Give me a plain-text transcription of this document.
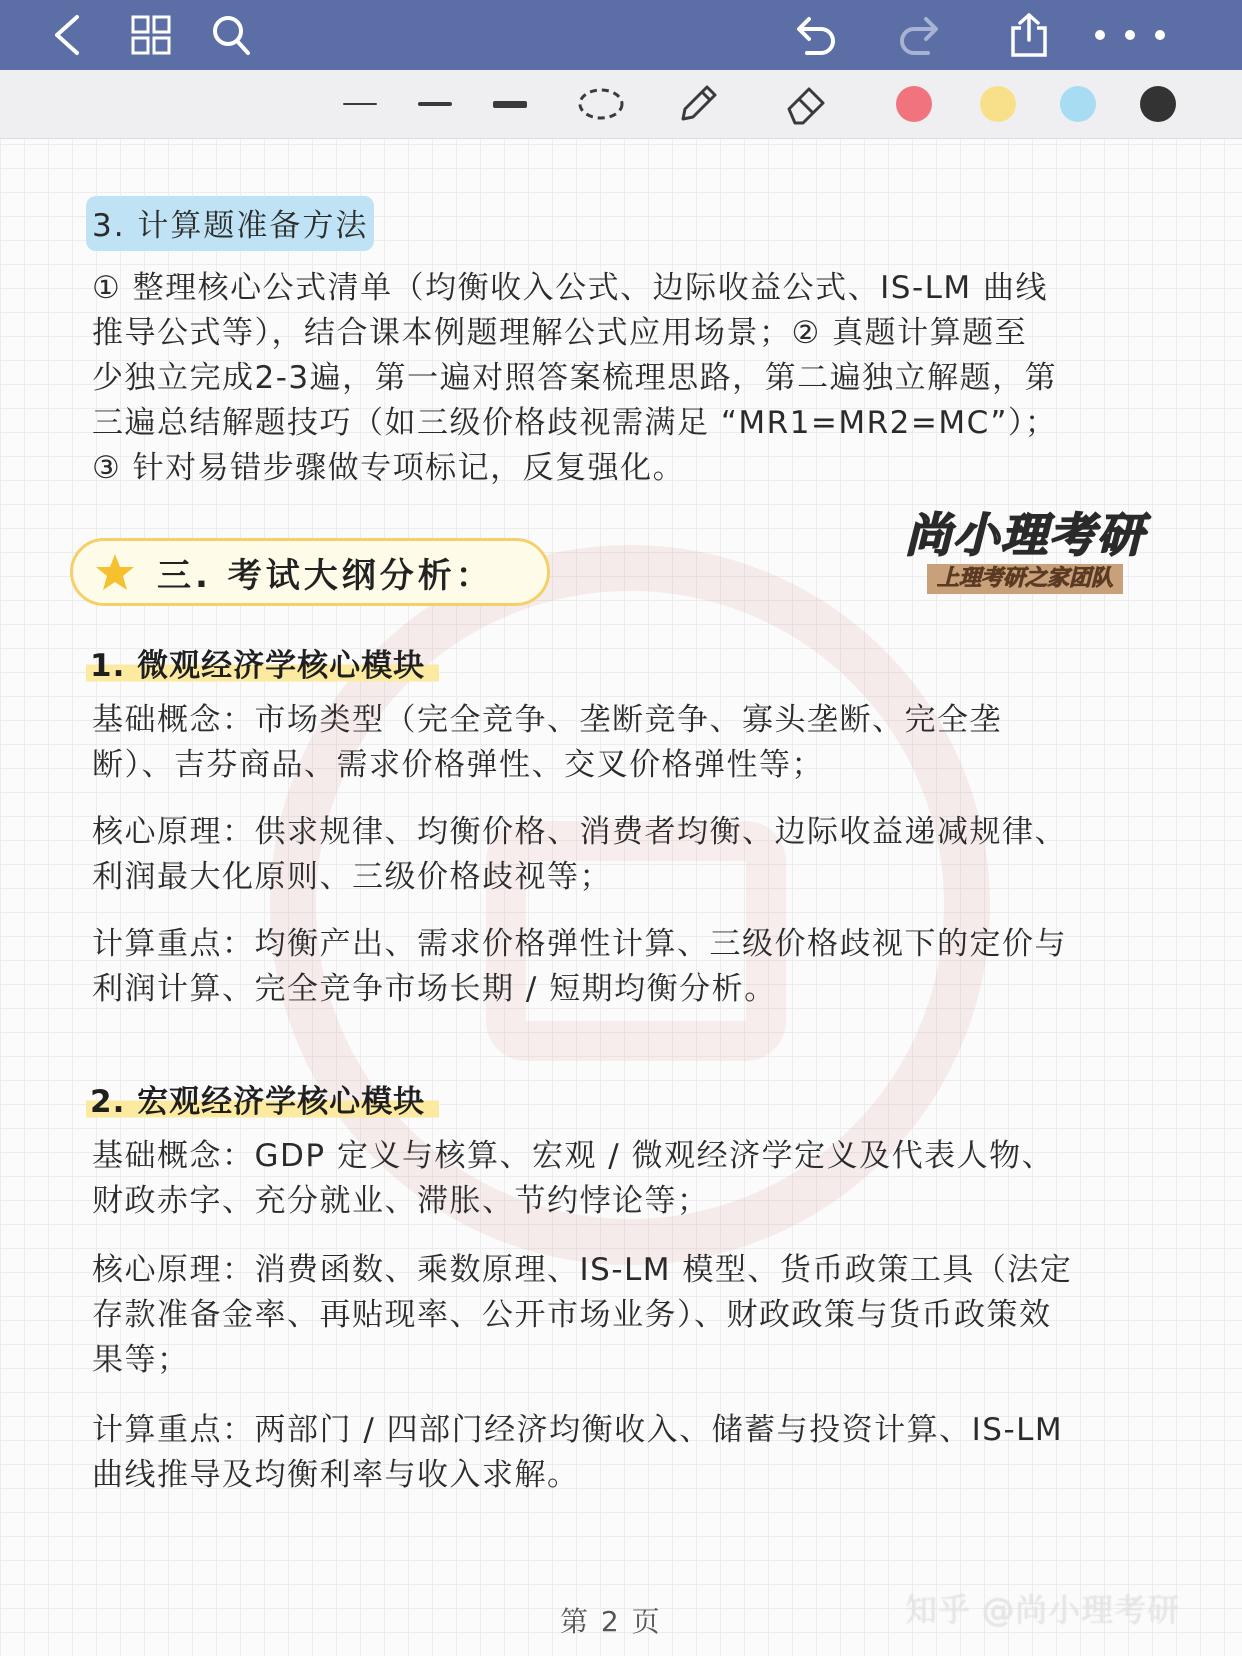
3. 计算题准备方法
① 整理核心公式清单（均衡收入公式、边际收益公式、IS-LM 曲线
推导公式等），结合课本例题理解公式应用场景；② 真题计算题至
少独立完成2-3遍，第一遍对照答案梳理思路，第二遍独立解题，第
三遍总结解题技巧（如三级价格歧视需满足 “MR1=MR2=MC”）；
③ 针对易错步骤做专项标记，反复强化。
尚小理考研
上理考研之家团队
三. 考试大纲分析：
1. 微观经济学核心模块
基础概念：市场类型（完全竞争、垄断竞争、寡头垄断、完全垄
断）、吉芬商品、需求价格弹性、交叉价格弹性等；
核心原理：供求规律、均衡价格、消费者均衡、边际收益递减规律、
利润最大化原则、三级价格歧视等；
计算重点：均衡产出、需求价格弹性计算、三级价格歧视下的定价与
利润计算、完全竞争市场长期 / 短期均衡分析。
2. 宏观经济学核心模块
基础概念：GDP 定义与核算、宏观 / 微观经济学定义及代表人物、
财政赤字、充分就业、滞胀、节约悖论等；
核心原理：消费函数、乘数原理、IS-LM 模型、货币政策工具（法定
存款准备金率、再贴现率、公开市场业务）、财政政策与货币政策效
果等；
计算重点：两部门 / 四部门经济均衡收入、储蓄与投资计算、IS-LM
曲线推导及均衡利率与收入求解。
第 2 页	知乎 @尚小理考研
